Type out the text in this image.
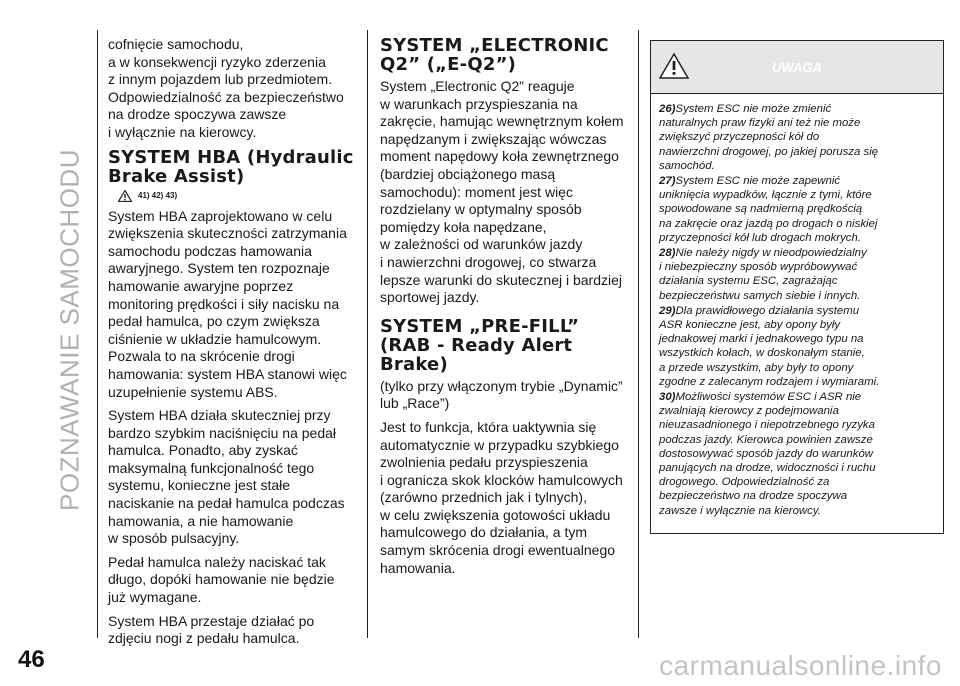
POZNAWANIE SAMOCHODU

cofnięcie samochodu,
a w konsekwencji ryzyko zderzenia
z innym pojazdem lub przedmiotem.
Odpowiedzialność za bezpieczeństwo
na drodze spoczywa zawsze
i wyłącznie na kierowcy.

SYSTEM HBA (Hydraulic
Brake Assist)
41) 42) 43)

System HBA zaprojektowano w celu
zwiększenia skuteczności zatrzymania
samochodu podczas hamowania
awaryjnego. System ten rozpoznaje
hamowanie awaryjne poprzez
monitoring prędkości i siły nacisku na
pedał hamulca, po czym zwiększa
ciśnienie w układzie hamulcowym.
Pozwala to na skrócenie drogi
hamowania: system HBA stanowi więc
uzupełnienie systemu ABS.

System HBA działa skuteczniej przy
bardzo szybkim naciśnięciu na pedał
hamulca. Ponadto, aby zyskać
maksymalną funkcjonalność tego
systemu, konieczne jest stałe
naciskanie na pedał hamulca podczas
hamowania, a nie hamowanie
w sposób pulsacyjny.

Pedał hamulca należy naciskać tak
długo, dopóki hamowanie nie będzie
już wymagane.

System HBA przestaje działać po
zdjęciu nogi z pedału hamulca.

SYSTEM „ELECTRONIC
Q2” („E-Q2”)

System „Electronic Q2” reaguje
w warunkach przyspieszania na
zakręcie, hamując wewnętrznym kołem
napędzanym i zwiększając wówczas
moment napędowy koła zewnętrznego
(bardziej obciążonego masą
samochodu): moment jest więc
rozdzielany w optymalny sposób
pomiędzy koła napędzane,
w zależności od warunków jazdy
i nawierzchni drogowej, co stwarza
lepsze warunki do skutecznej i bardziej
sportowej jazdy.

SYSTEM „PRE-FILL”
(RAB - Ready Alert
Brake)

(tylko przy włączonym trybie „Dynamic”
lub „Race”)

Jest to funkcja, która uaktywnia się
automatycznie w przypadku szybkiego
zwolnienia pedału przyspieszenia
i ogranicza skok klocków hamulcowych
(zarówno przednich jak i tylnych),
w celu zwiększenia gotowości układu
hamulcowego do działania, a tym
samym skrócenia drogi ewentualnego
hamowania.

UWAGA

26)System ESC nie może zmienić
naturalnych praw fizyki ani też nie może
zwiększyć przyczepności kół do
nawierzchni drogowej, po jakiej porusza się
samochód.

27)System ESC nie może zapewnić
uniknięcia wypadków, łącznie z tymi, które
spowodowane są nadmierną prędkością
na zakręcie oraz jazdą po drogach o niskiej
przyczepności kół lub drogach mokrych.

28)Nie należy nigdy w nieodpowiedzialny
i niebezpieczny sposób wypróbowywać
działania systemu ESC, zagrażając
bezpieczeństwu samych siebie i innych.

29)Dla prawidłowego działania systemu
ASR konieczne jest, aby opony były
jednakowej marki i jednakowego typu na
wszystkich kołach, w doskonałym stanie,
a przede wszystkim, aby były to opony
zgodne z zalecanym rodzajem i wymiarami.

30)Możliwości systemów ESC i ASR nie
zwalniają kierowcy z podejmowania
nieuzasadnionego i niepotrzebnego ryzyka
podczas jazdy. Kierowca powinien zawsze
dostosowywać sposób jazdy do warunków
panujących na drodze, widoczności i ruchu
drogowego. Odpowiedzialność za
bezpieczeństwo na drodze spoczywa
zawsze i wyłącznie na kierowcy.

46	carmanualsonline.info
